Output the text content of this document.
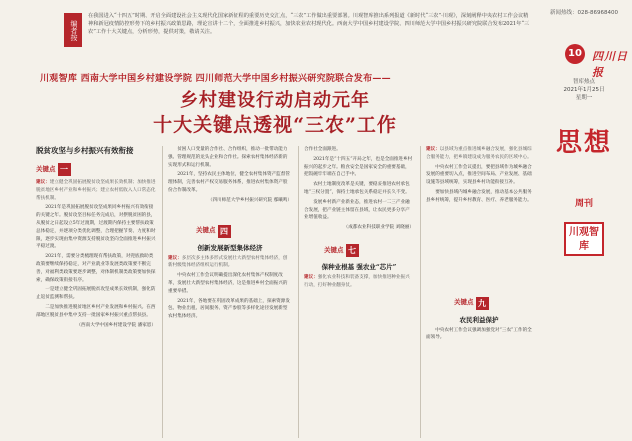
编者按
在我国进入“十四五”时期、开启全面建设社会主义现代化国家新征程的重要历史交汇点，“三农”工作做出重要部署。川观智库推出系列报道《新时代“三农”·川观》，深刻阐释中央农村工作会议精神和新冠疫情防控形势下的乡村振兴政策思路，理论宣讲十二个，全面推进乡村振兴，加快农业农村现代化。西南大学中国乡村建设学院、四川师范大学中国乡村振兴研究院联合发布2021年“三农”工作十大关键点，分析形势，提供对策，敬请关注。
川观智库 西南大学中国乡村建设学院 四川师范大学中国乡村振兴研究院联合发布——
乡村建设行动启动元年
十大关键点透视“三农”工作
脱贫攻坚与乡村振兴有效衔接
关键点 一

建议：建立健全巩固拓展脱贫攻坚成果长效机制；加快推进脱贫地区乡村产业和乡村振兴；建立农村低收入人口常态化帮扶机制。

2021年是巩固拓展脱贫攻坚成果同乡村振兴有效衔接的关键之年。脱贫攻坚目标任务完成后，对摆脱贫困的县，从脱贫之日起设立5年过渡期，过渡期内保持主要帮扶政策总体稳定，并逐项分类优化调整，合理把握节奏、力度和时限，逐步实现由集中资源支持脱贫攻坚向全面推进乡村振兴平稳过渡。

2021年，需要分类梳理现有帮扶政策，对兜底救助类政策要继续保持稳定，对产业就业等发展类政策要不断完善，对福利类政策要逐步调整，对体制机制类政策要加快探索，确保政策衔接有序。

一是建立健全巩固拓展脱贫攻坚成果长效机制，强化防止返贫监测和帮扶。

二是加快推进脱贫地区乡村产业发展和乡村振兴。在西部地区脱贫县中集中支持一批国家乡村振兴重点帮扶县。

（西南大学中国乡村建设学院 潘家恩）

贫困人口变量的合作社、合作组织，推动一批带动能力强、管理规范的龙头企业和合作社。探索农村集体经济新的实现形式和运行机制。

2021年，坚持农民主体地位，健全农村集体资产监督管理体制，完善农村产权交易服务体系，推进农村集体资产股份合作制改革。

（四川师范大学乡村振兴研究院 鄢曦鸣）

关键点 四

创新发展新型集体经济

建议：多层次多主体多形式发展壮大新型农村集体经济，创新村级集体经济组织运行机制。

中央农村工作会议明确提出深化农村集体产权制度改革，发展壮大新型农村集体经济，这是推进乡村全面振兴的重要举措。

2021年，各地要在巩固改革成果的基础上，探索资源发包、物业出租、居间服务、资产参股等多样化途径发展新型农村集体经济。

合作社全面跟进。

2021年是“十四五”开局之年，也是全面推进乡村振兴的起步之年。粮食安全是国家安全的重要基础，把饭碗牢牢端在自己手中。

农村土地制度改革是关键，要稳妥推进农村承包地“三权分置”，保持土地承包关系稳定并长久不变。

发展乡村新产业新业态，推进农村一二三产业融合发展，把产业链主体留在县域，让农民更多分享产业增值收益。

（成都农业科技职业学院 刘晓丽）

关键点 七

保种业根基 强农业“芯片”

建议：强化农业科技和装备支撑，加快推进种业振兴行动，打好种业翻身仗。

建议：以县域为重点推进城乡融合发展，强化县城综合服务能力，把乡镇建设成为服务农民的区域中心。

中央农村工作会议提出，要把县域作为城乡融合发展的重要切入点，推进空间布局、产业发展、基础设施等县域统筹，实现县乡村功能衔接互补。

要加快县域内城乡融合发展，推动基本公共服务县乡村统筹，提升乡村教育、医疗、养老服务能力。

关键点 九

农民利益保护

中央农村工作会议强调加强党对“三农”工作的全面领导。

新闻热线：028-86968400
10 四川日报
智库热点
2021年1月25日
星期一
思想
周刊
川观智库
